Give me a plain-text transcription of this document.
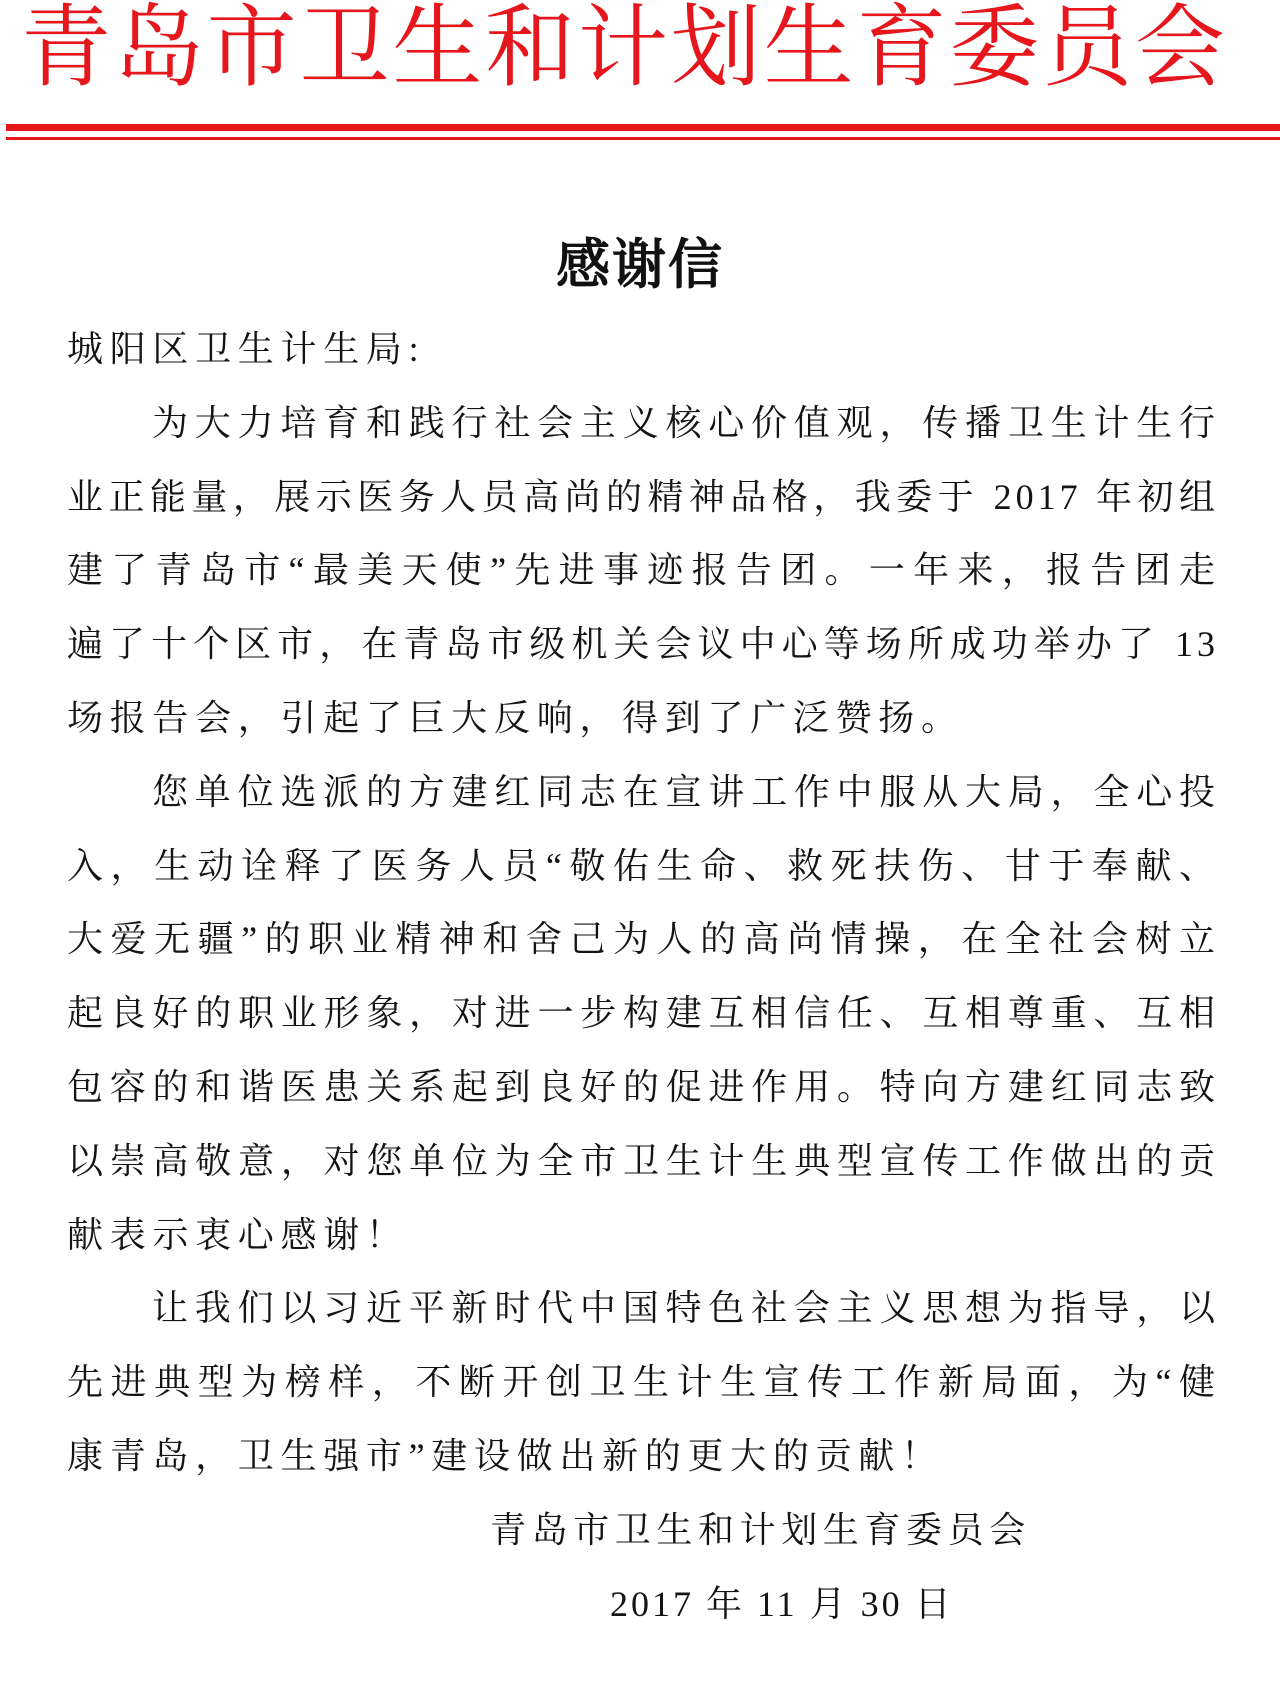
青岛市卫生和计划生育委员会
感谢信
城阳区卫生计生局:
为大力培育和践行社会主义核心价值观，传播卫生计生行
业正能量，展示医务人员高尚的精神品格，我委于 2017 年初组
建了青岛市“最美天使”先进事迹报告团。一年来，报告团走
遍了十个区市，在青岛市级机关会议中心等场所成功举办了 13
场报告会，引起了巨大反响，得到了广泛赞扬。
您单位选派的方建红同志在宣讲工作中服从大局，全心投
入，生动诠释了医务人员“敬佑生命、救死扶伤、甘于奉献、
大爱无疆”的职业精神和舍己为人的高尚情操，在全社会树立
起良好的职业形象，对进一步构建互相信任、互相尊重、互相
包容的和谐医患关系起到良好的促进作用。特向方建红同志致
以崇高敬意，对您单位为全市卫生计生典型宣传工作做出的贡
献表示衷心感谢！
让我们以习近平新时代中国特色社会主义思想为指导，以
先进典型为榜样，不断开创卫生计生宣传工作新局面，为“健
康青岛，卫生强市”建设做出新的更大的贡献！
青岛市卫生和计划生育委员会
2017 年 11 月 30 日
